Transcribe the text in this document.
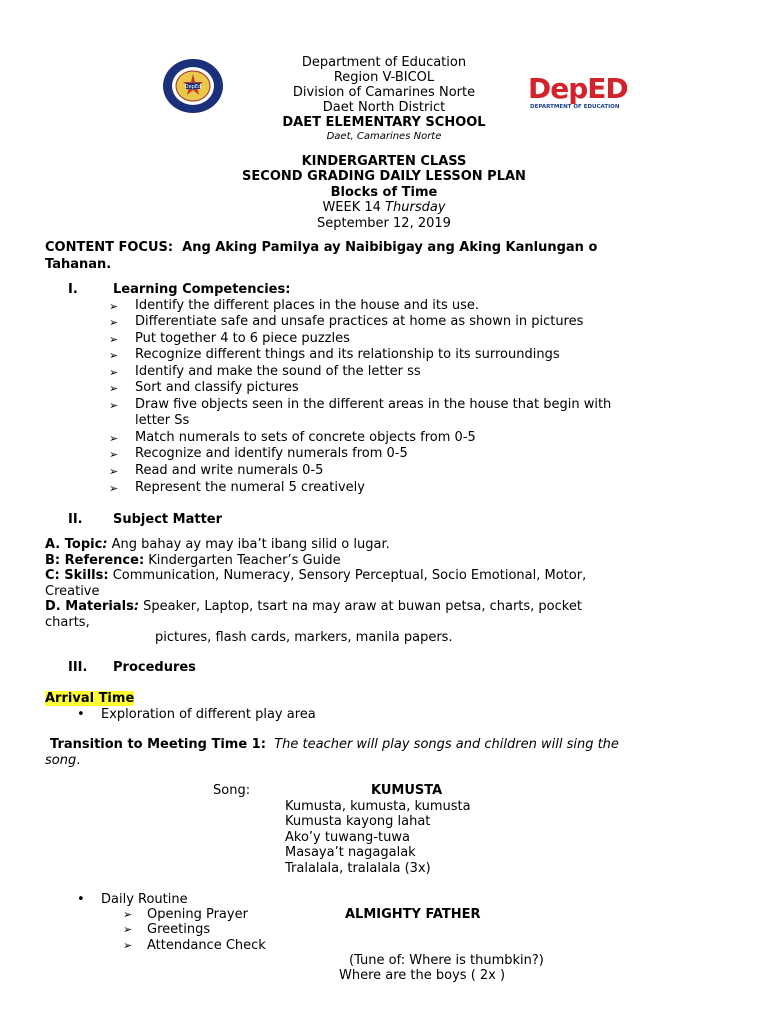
DepEd
Department of Education
Region V-BICOL
Division of Camarines Norte
Daet North District
DAET ELEMENTARY SCHOOL
Daet, Camarines Norte
DepED
DEPARTMENT OF EDUCATION
KINDERGARTEN CLASS
SECOND GRADING DAILY LESSON PLAN
Blocks of Time
WEEK 14 Thursday
September 12, 2019
CONTENT FOCUS: Ang Aking Pamilya ay Naibibigay ang Aking Kanlungan o
Tahanan.
I.	Learning Competencies:
➢ Identify the different places in the house and its use.
➢ Differentiate safe and unsafe practices at home as shown in pictures
➢ Put together 4 to 6 piece puzzles
➢ Recognize different things and its relationship to its surroundings
➢ Identify and make the sound of the letter ss
➢ Sort and classify pictures
➢ Draw five objects seen in the different areas in the house that begin with
letter Ss
➢ Match numerals to sets of concrete objects from 0-5
➢ Recognize and identify numerals from 0-5
➢ Read and write numerals 0-5
➢ Represent the numeral 5 creatively
II. Subject Matter
A. Topic: Ang bahay ay may iba’t ibang silid o lugar.
B: Reference: Kindergarten Teacher’s Guide
C: Skills: Communication, Numeracy, Sensory Perceptual, Socio Emotional, Motor,
Creative
D. Materials: Speaker, Laptop, tsart na may araw at buwan petsa, charts, pocket
charts,
pictures, flash cards, markers, manila papers.
III. Procedures
Arrival Time
• Exploration of different play area
Transition to Meeting Time 1: The teacher will play songs and children will sing the
song.
Song:	KUMUSTA
Kumusta, kumusta, kumusta
Kumusta kayong lahat
Ako’y tuwang-tuwa
Masaya’t nagagalak
Tralalala, tralalala (3x)
• Daily Routine
➢ Opening Prayer	ALMIGHTY FATHER
➢ Greetings
➢ Attendance Check
(Tune of: Where is thumbkin?)
Where are the boys ( 2x )
